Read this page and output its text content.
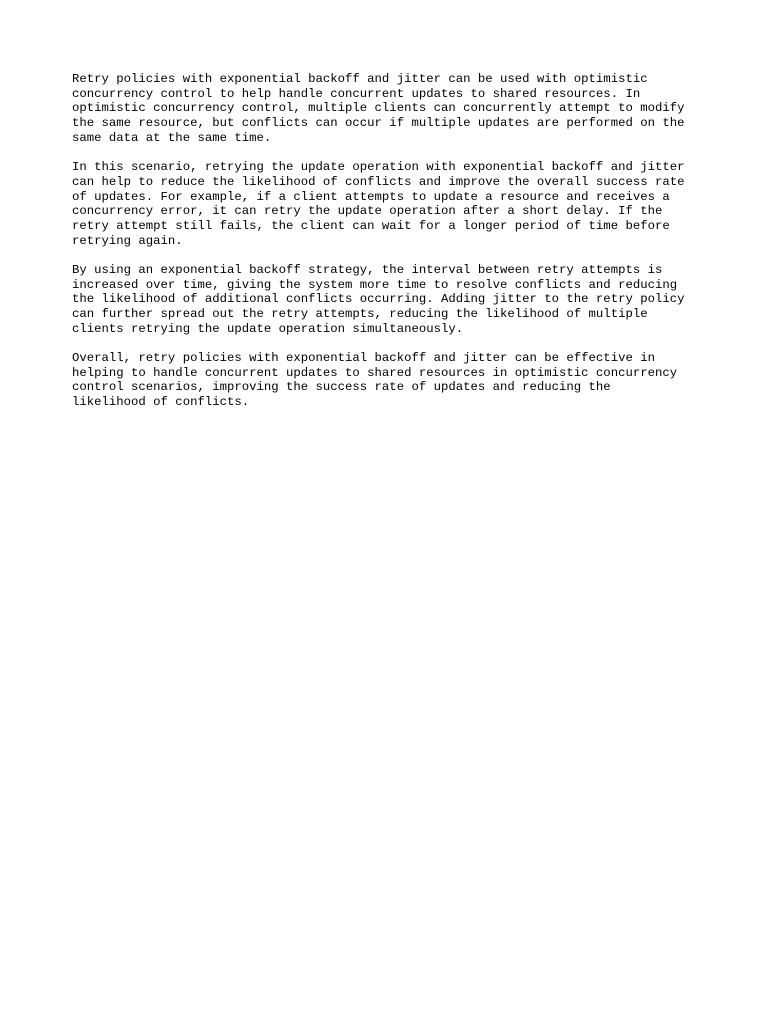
Retry policies with exponential backoff and jitter can be used with optimistic
concurrency control to help handle concurrent updates to shared resources. In
optimistic concurrency control, multiple clients can concurrently attempt to modify
the same resource, but conflicts can occur if multiple updates are performed on the
same data at the same time.

In this scenario, retrying the update operation with exponential backoff and jitter
can help to reduce the likelihood of conflicts and improve the overall success rate
of updates. For example, if a client attempts to update a resource and receives a
concurrency error, it can retry the update operation after a short delay. If the
retry attempt still fails, the client can wait for a longer period of time before
retrying again.

By using an exponential backoff strategy, the interval between retry attempts is
increased over time, giving the system more time to resolve conflicts and reducing
the likelihood of additional conflicts occurring. Adding jitter to the retry policy
can further spread out the retry attempts, reducing the likelihood of multiple
clients retrying the update operation simultaneously.

Overall, retry policies with exponential backoff and jitter can be effective in
helping to handle concurrent updates to shared resources in optimistic concurrency
control scenarios, improving the success rate of updates and reducing the
likelihood of conflicts.
